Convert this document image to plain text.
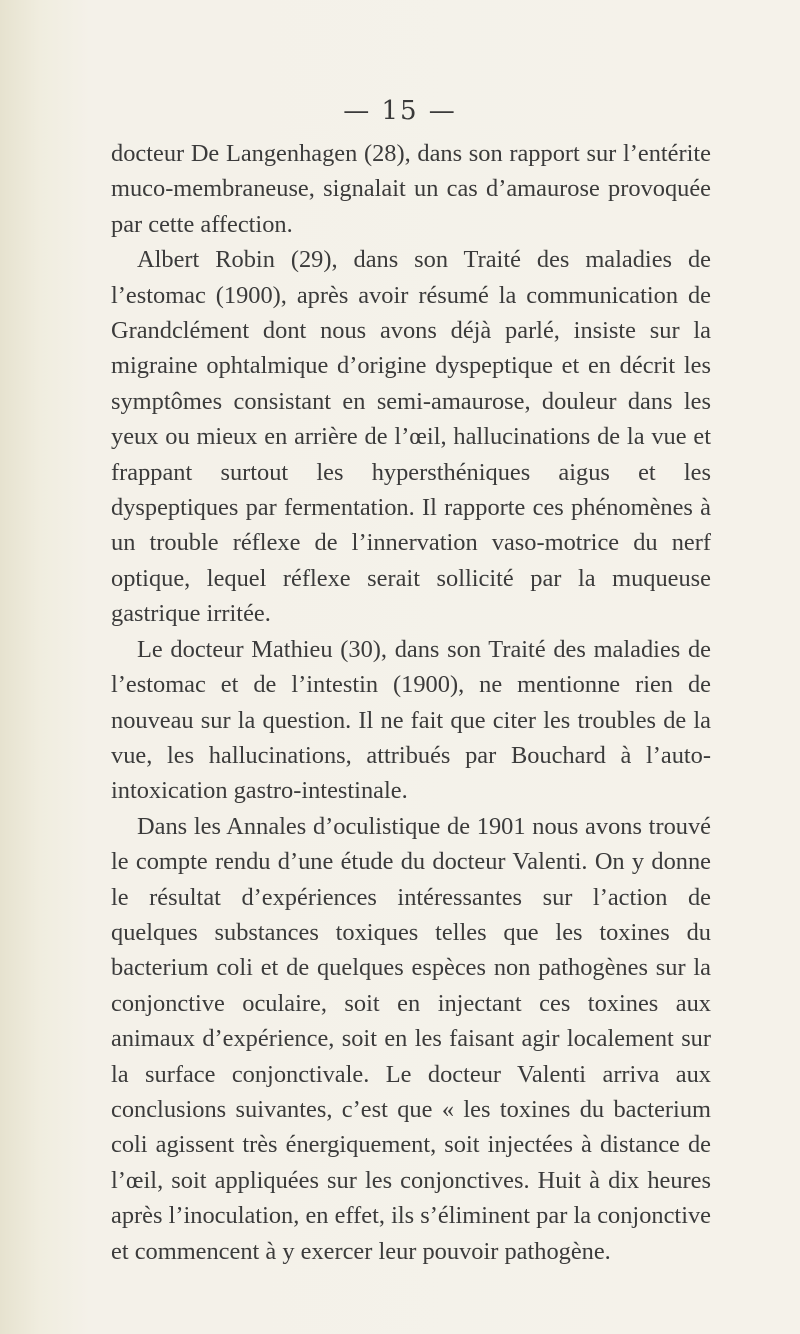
— 15 —

docteur De Langenhagen (28), dans son rapport sur l’entérite muco-membraneuse, signalait un cas d’amaurose provoquée par cette affection.

Albert Robin (29), dans son Traité des maladies de l’estomac (1900), après avoir résumé la communication de Grandclément dont nous avons déjà parlé, insiste sur la migraine ophtalmique d’origine dyspeptique et en décrit les symptômes consistant en semi-amaurose, douleur dans les yeux ou mieux en arrière de l’œil, hallucinations de la vue et frappant surtout les hypersthéniques aigus et les dyspeptiques par fermentation. Il rapporte ces phénomènes à un trouble réflexe de l’innervation vaso-motrice du nerf optique, lequel réflexe serait sollicité par la muqueuse gastrique irritée.

Le docteur Mathieu (30), dans son Traité des maladies de l’estomac et de l’intestin (1900), ne mentionne rien de nouveau sur la question. Il ne fait que citer les troubles de la vue, les hallucinations, attribués par Bouchard à l’auto-intoxication gastro-intestinale.

Dans les Annales d’oculistique de 1901 nous avons trouvé le compte rendu d’une étude du docteur Valenti. On y donne le résultat d’expériences intéressantes sur l’action de quelques substances toxiques telles que les toxines du bacterium coli et de quelques espèces non pathogènes sur la conjonctive oculaire, soit en injectant ces toxines aux animaux d’expérience, soit en les faisant agir localement sur la surface conjonctivale. Le docteur Valenti arriva aux conclusions suivantes, c’est que « les toxines du bacterium coli agissent très énergiquement, soit injectées à distance de l’œil, soit appliquées sur les conjonctives. Huit à dix heures après l’inoculation, en effet, ils s’éliminent par la conjonctive et commencent à y exercer leur pouvoir pathogène.
